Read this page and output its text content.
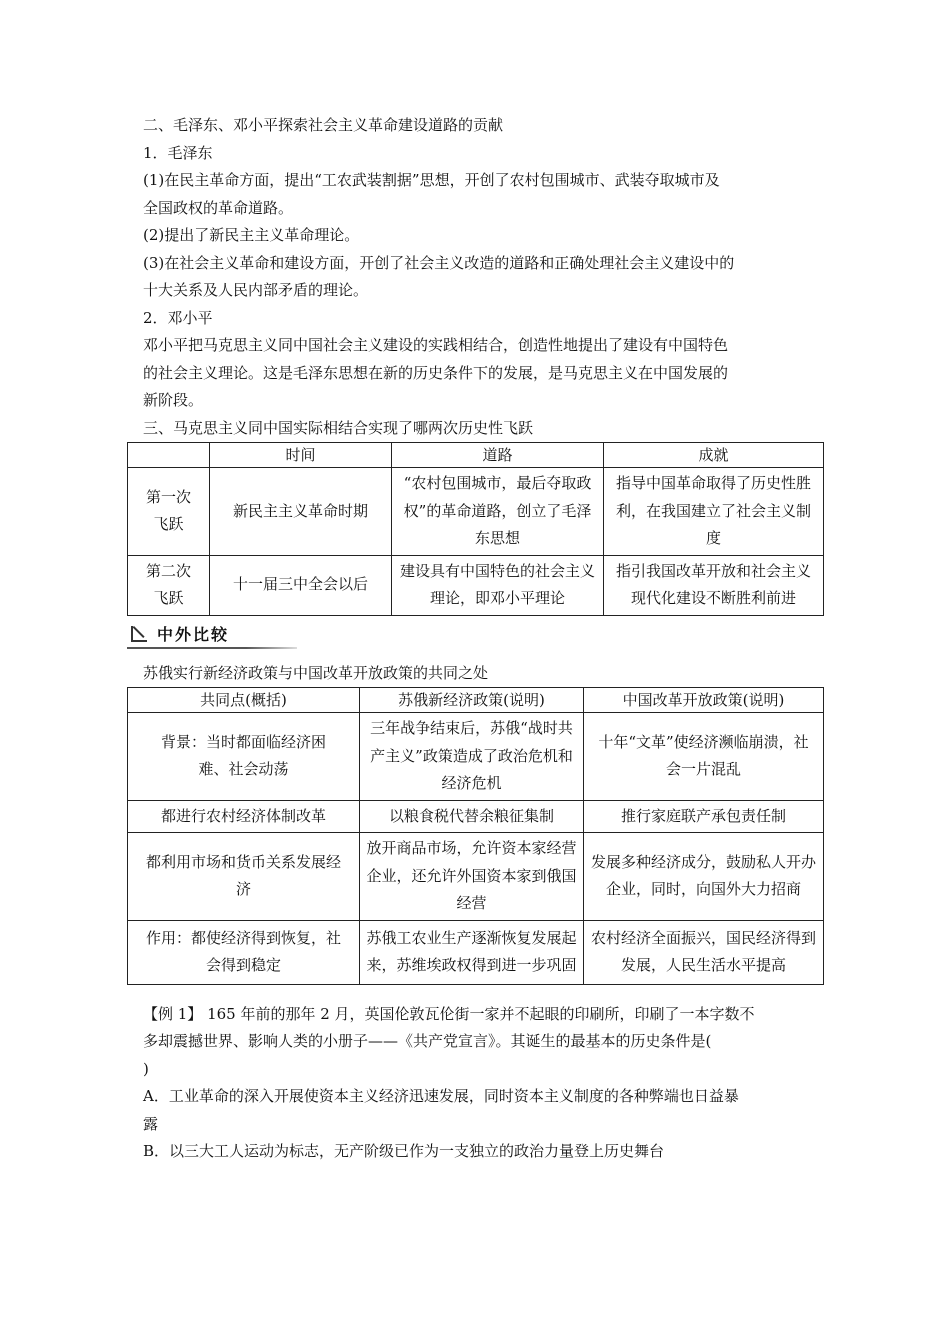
二、毛泽东、邓小平探索社会主义革命建设道路的贡献
1．毛泽东
(1)在民主革命方面，提出“工农武装割据”思想，开创了农村包围城市、武装夺取城市及
全国政权的革命道路。
(2)提出了新民主主义革命理论。
(3)在社会主义革命和建设方面，开创了社会主义改造的道路和正确处理社会主义建设中的
十大关系及人民内部矛盾的理论。
2．邓小平
邓小平把马克思主义同中国社会主义建设的实践相结合，创造性地提出了建设有中国特色
的社会主义理论。这是毛泽东思想在新的历史条件下的发展，是马克思主义在中国发展的
新阶段。
三、马克思主义同中国实际相结合实现了哪两次历史性飞跃
	时间	道路	成就
第一次飞跃	新民主主义革命时期	“农村包围城市，最后夺取政权”的革命道路，创立了毛泽东思想	指导中国革命取得了历史性胜利，在我国建立了社会主义制度
第二次飞跃	十一届三中全会以后	建设具有中国特色的社会主义理论，即邓小平理论	指引我国改革开放和社会主义现代化建设不断胜利前进
中外比较
苏俄实行新经济政策与中国改革开放政策的共同之处
共同点(概括)	苏俄新经济政策(说明)	中国改革开放政策(说明)
背景：当时都面临经济困难、社会动荡	三年战争结束后，苏俄“战时共产主义”政策造成了政治危机和经济危机	十年“文革”使经济濒临崩溃，社会一片混乱
都进行农村经济体制改革	以粮食税代替余粮征集制	推行家庭联产承包责任制
都利用市场和货币关系发展经济	放开商品市场，允许资本家经营企业，还允许外国资本家到俄国经营	发展多种经济成分，鼓励私人开办企业，同时，向国外大力招商
作用：都使经济得到恢复，社会得到稳定	苏俄工农业生产逐渐恢复发展起来，苏维埃政权得到进一步巩固	农村经济全面振兴，国民经济得到发展，人民生活水平提高
【例 1】 165 年前的那年 2 月，英国伦敦瓦伦街一家并不起眼的印刷所，印刷了一本字数不
多却震撼世界、影响人类的小册子——《共产党宣言》。其诞生的最基本的历史条件是(
)
A．工业革命的深入开展使资本主义经济迅速发展，同时资本主义制度的各种弊端也日益暴
露
B．以三大工人运动为标志，无产阶级已作为一支独立的政治力量登上历史舞台
